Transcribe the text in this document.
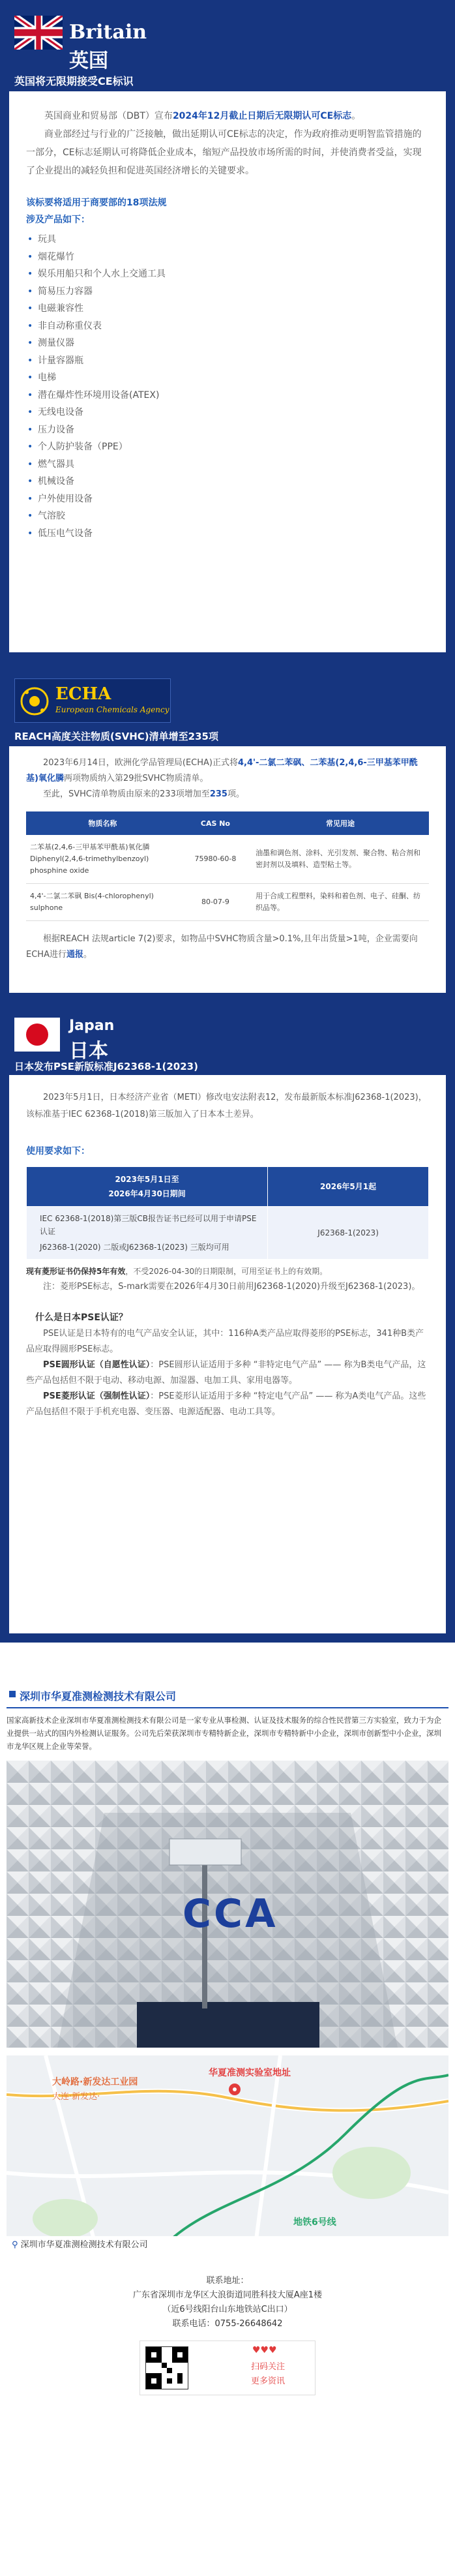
Britain
英国
英国将无限期接受CE标识

英国商业和贸易部（DBT）宣布2024年12月截止日期后无限期认可CE标志。

商业部经过与行业的广泛接触，做出延期认可CE标志的决定，作为政府推动更明智监管措施的一部分，CE标志延期认可将降低企业成本，缩短产品投放市场所需的时间，并使消费者受益，实现了企业提出的减轻负担和促进英国经济增长的关键要求。

该标要将适用于商要部的18项法规
涉及产品如下：
• 玩具
• 烟花爆竹
• 娱乐用船只和个人水上交通工具
• 简易压力容器
• 电磁兼容性
• 非自动称重仪表
• 测量仪器
• 计量容器瓶
• 电梯
• 潜在爆炸性环境用设备(ATEX)
• 无线电设备
• 压力设备
• 个人防护装备（PPE）
• 燃气器具
• 机械设备
• 户外使用设备
• 气溶胶
• 低压电气设备
ECHA
European Chemicals Agency
REACH高度关注物质(SVHC)清单增至235项

2023年6月14日，欧洲化学品管理局(ECHA)正式将4,4'-二氯二苯砜、二苯基(2,4,6-三甲基苯甲酰基)氧化膦两项物质纳入第29批SVHC物质清单。

至此，SVHC清单物质由原来的233项增加至235项。

物质名称	CAS No	常见用途
二苯基(2,4,6-三甲基苯甲酰基)氧化膦 Diphenyl(2,4,6-trimethylbenzoyl) phosphine oxide	75980-60-8	油墨和调色剂、涂料、光引发剂、聚合物、粘合剂和密封剂以及填料、造型粘土等。
4,4'-二氯二苯砜 Bis(4-chlorophenyl) sulphone	80-07-9	用于合成工程塑料，染料和着色剂、电子、硅酮、纺织品等。

根据REACH 法规article 7(2)要求，如物品中SVHC物质含量>0.1%,且年出货量>1吨，企业需要向ECHA进行通报。

Japan
日本
日本发布PSE新版标准J62368-1(2023)

2023年5月1日，日本经济产业省（METI）修改电安法附表12，发布最新版本标准J62368-1(2023)，该标准基于IEC 62368-1(2018)第三版加入了日本本土差异。

使用要求如下：
2023年5月1日至
2026年4月30日期间	2026年5月1起

IEC 62368-1(2018)第三版CB报告证书已经可以用于申请PSE认证
J62368-1(2020) 二版或J62368-1(2023) 三版均可用	J62368-1(2023)

现有菱形证书仍保持5年有效，不受2026-04-30的日期限制，可用至证书上的有效期。

注：菱形PSE标志，S-mark需要在2026年4月30日前用J62368-1(2020)升级至J62368-1(2023)。

什么是日本PSE认证？

PSE认证是日本特有的电气产品安全认证，其中：116种A类产品应取得菱形的PSE标志，341种B类产品应取得圆形PSE标志。

PSE圆形认证（自愿性认证）：PSE圆形认证适用于多种 “非特定电气产品” —— 称为B类电气产品，这些产品包括但不限于电动、移动电源、加湿器、电加工具、家用电器等。

PSE菱形认证（强制性认证）：PSE菱形认证适用于多种 “特定电气产品” —— 称为A类电气产品。这些产品包括但不限于手机充电器、变压器、电源适配器、电动工具等。

深圳市华夏准测检测技术有限公司

国家高新技术企业深圳市华夏准测检测技术有限公司是一家专业从事检测、认证及技术服务的综合性民营第三方实验室，致力于为企业提供一站式的国内外检测认证服务。公司先后荣获深圳市专精特新企业，深圳市专精特新中小企业，深圳市创新型中小企业，深圳市龙华区规上企业等荣誉。

CCA
华夏准测实验室地址
大岭路·新发达工业园
大连·新发达·
地铁6号线
⚲ 深圳市华夏准测检测技术有限公司
联系地址：
广东省深圳市龙华区大浪街道同胜科技大厦A座1楼
（近6号线阳台山东地铁站C出口）
联系电话：0755-26648642
♥♥♥
扫码关注
更多资讯
